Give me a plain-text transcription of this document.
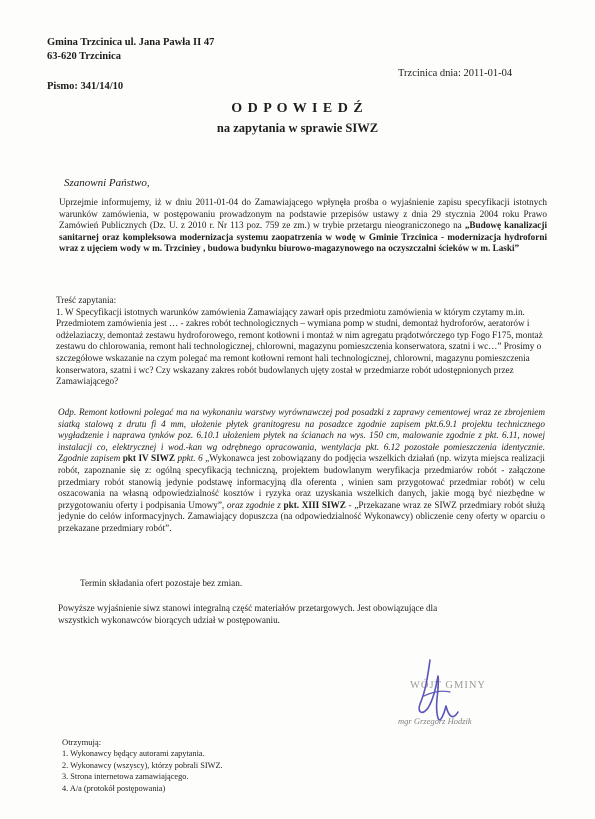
Gmina Trzcinica ul. Jana Pawła II 47
63-620 Trzcinica
Pismo: 341/14/10
Trzcinica dnia: 2011-01-04
O D P O W I E D Ź
na zapytania w sprawie SIWZ
Szanowni Państwo,
Uprzejmie informujemy, iż w dniu 2011-01-04 do Zamawiającego wpłynęła prośba o wyjaśnienie zapisu specyfikacji istotnych warunków zamówienia, w postępowaniu prowadzonym na podstawie przepisów ustawy z dnia 29 stycznia 2004 roku Prawo Zamówień Publicznych (Dz. U. z 2010 r. Nr 113 poz. 759 ze zm.) w trybie przetargu nieograniczonego na „Budowę kanalizacji sanitarnej oraz kompleksowa modernizacja systemu zaopatrzenia w wodę w Gminie Trzcinica - modernizacja hydroforni wraz z ujęciem wody w m. Trzciniey , budowa budynku biurowo-magazynowego na oczyszczalni ścieków w m. Laski”

Treść zapytania:

1. W Specyfikacji istotnych warunków zamówienia Zamawiający zawarł opis przedmiotu zamówienia w którym czytamy m.in. Przedmiotem zamówienia jest … - zakres robót technologicznych – wymiana pomp w studni, demontaż hydroforów, aeratorów i odżelaziaczy, demontaż zestawu hydroforowego, remont kotłowni i montaż w nim agregatu prądotwórczego typ Fogo F175, montaż zestawu do chlorowania, remont hali technologicznej, chlorowni, magazynu pomieszczenia konserwatora, szatni i wc…” Prosimy o szczegółowe wskazanie na czym polegać ma remont kotłowni remont hali technologicznej, chlorowni, magazynu pomieszczenia konserwatora, szatni i wc? Czy wskazany zakres robót budowlanych ujęty został w przedmiarze robót udostępnionych przez Zamawiającego?

Odp. Remont kotłowni polegać ma na wykonaniu warstwy wyrównawczej pod posadzki z zaprawy cementowej wraz ze zbrojeniem siatką stalową z drutu fi 4 mm, ułożenie płytek granitogresu na posadzce zgodnie zapisem pkt.6.9.1 projektu technicznego wygładzenie i naprawa tynków poz. 6.10.1 ułożeniem płytek na ścianach na wys. 150 cm, malowanie zgodnie z pkt. 6.11, nowej instalacji co, elektrycznej i wod.-kan wg odrębnego opracowania, wentylacja pkt. 6.12 pozostałe pomieszczenia identycznie. Zgodnie zapisem pkt IV SIWZ ppkt. 6 „Wykonawca jest zobowiązany do podjęcia wszelkich działań (np. wizyta miejsca realizacji robót, zapoznanie się z: ogólną specyfikacją techniczną, projektem budowlanym weryfikacja przedmiarów robót - załączone przedmiary robót stanowią jedynie podstawę informacyjną dla oferenta , winien sam przygotować przedmiar robót) w celu oszacowania na własną odpowiedzialność kosztów i ryzyka oraz uzyskania wszelkich danych, jakie mogą być niezbędne w przygotowaniu oferty i podpisania Umowy”, oraz zgodnie z pkt. XIII SIWZ - „Przekazane wraz ze SIWZ przedmiary robót służą jedynie do celów informacyjnych. Zamawiający dopuszcza (na odpowiedzialność Wykonawcy) obliczenie ceny oferty w oparciu o przekazane przedmiary robót”.
Termin składania ofert pozostaje bez zmian.
Powyższe wyjaśnienie siwz stanowi integralną część materiałów przetargowych. Jest obowiązujące dla wszystkich wykonawców biorących udział w postępowaniu.
WÓJT GMINY
mgr Grzegorz Hodzik
Otrzymują:
1. Wykonawcy będący autorami zapytania.
2. Wykonawcy (wszyscy), którzy pobrali SIWZ.
3. Strona internetowa zamawiającego.
4. A/a (protokół postępowania)
